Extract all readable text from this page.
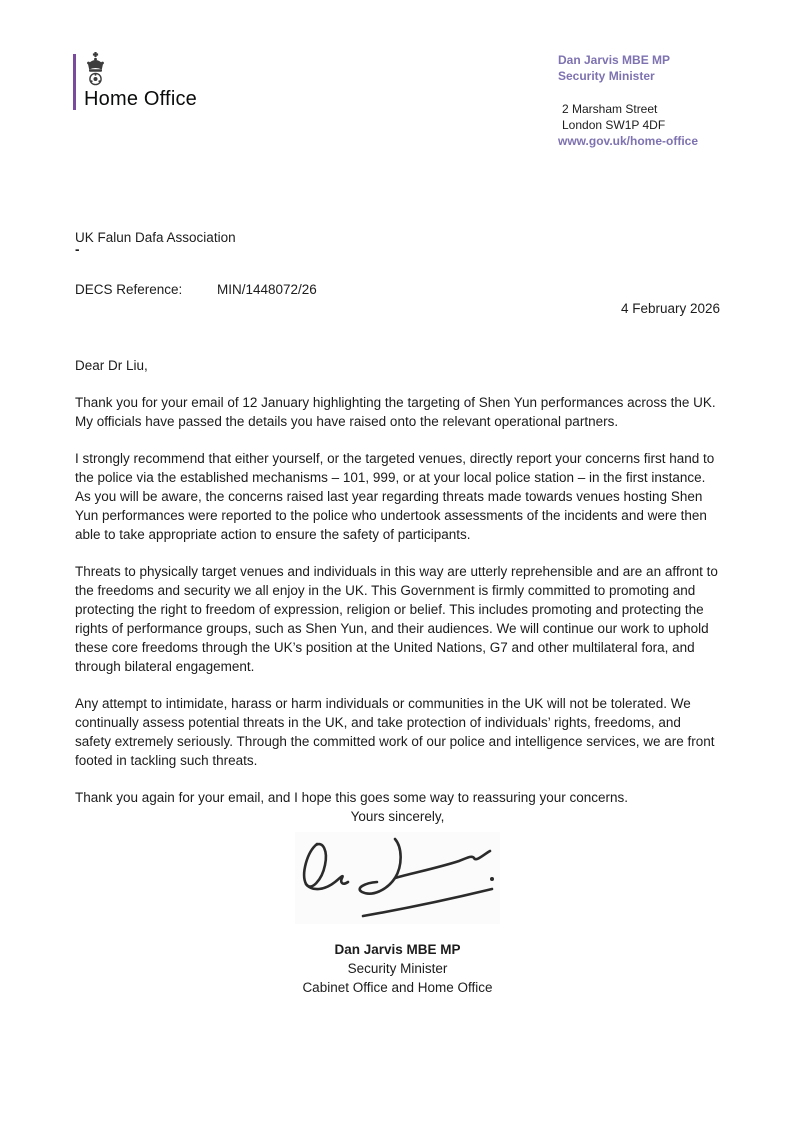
Home Office
Dan Jarvis MBE MP
Security Minister
2 Marsham Street
London SW1P 4DF
www.gov.uk/home-office
UK Falun Dafa Association
-
DECS Reference:	MIN/1448072/26
4 February 2026
Dear Dr Liu,

Thank you for your email of 12 January highlighting the targeting of Shen Yun performances across the UK. My officials have passed the details you have raised onto the relevant operational partners.

I strongly recommend that either yourself, or the targeted venues, directly report your concerns first hand to the police via the established mechanisms – 101, 999, or at your local police station – in the first instance. As you will be aware, the concerns raised last year regarding threats made towards venues hosting Shen Yun performances were reported to the police who undertook assessments of the incidents and were then able to take appropriate action to ensure the safety of participants.

Threats to physically target venues and individuals in this way are utterly reprehensible and are an affront to the freedoms and security we all enjoy in the UK. This Government is firmly committed to promoting and protecting the right to freedom of expression, religion or belief. This includes promoting and protecting the rights of performance groups, such as Shen Yun, and their audiences. We will continue our work to uphold these core freedoms through the UK’s position at the United Nations, G7 and other multilateral fora, and through bilateral engagement.

Any attempt to intimidate, harass or harm individuals or communities in the UK will not be tolerated. We continually assess potential threats in the UK, and take protection of individuals’ rights, freedoms, and safety extremely seriously. Through the committed work of our police and intelligence services, we are front footed in tackling such threats.

Thank you again for your email, and I hope this goes some way to reassuring your concerns.

Yours sincerely,
Dan Jarvis MBE MP
Security Minister
Cabinet Office and Home Office
